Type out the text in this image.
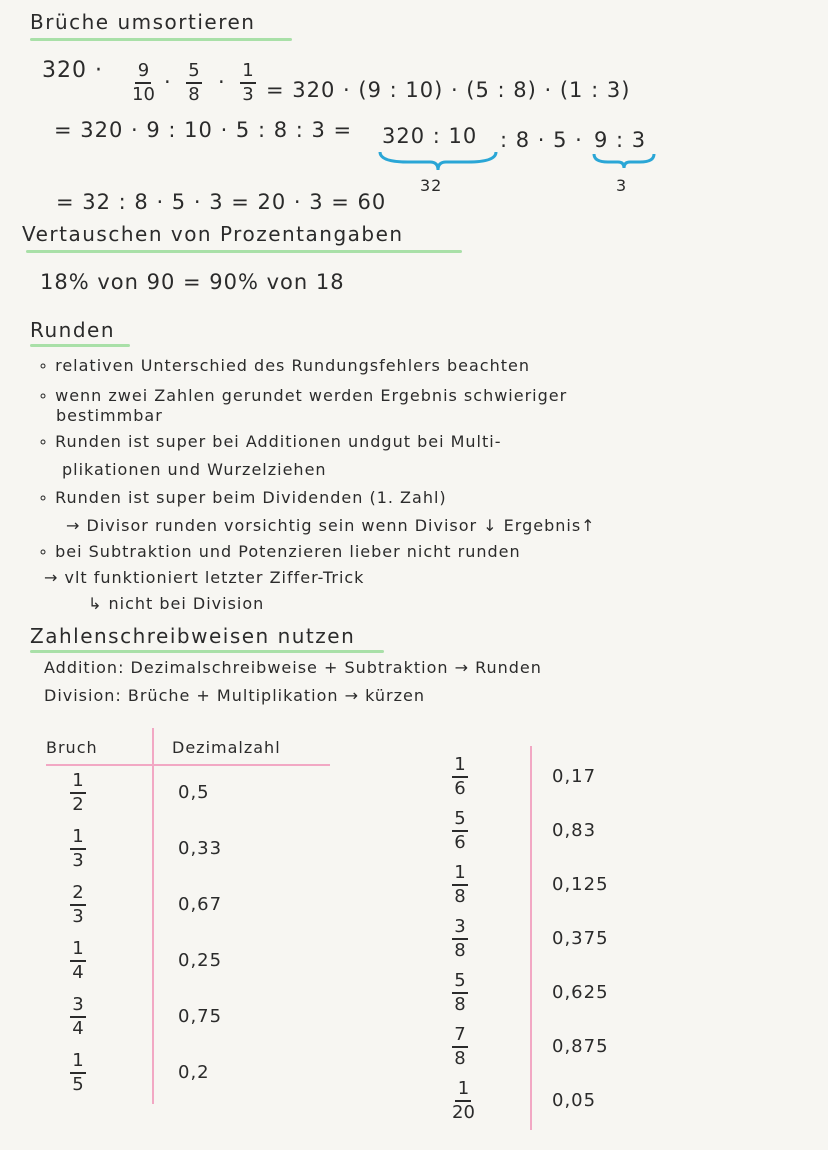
Brüche umsortieren
320 · 9
10
· 5
8
· 1
3 = 320 · (9 : 10) · (5 : 8) · (1 : 3)
= 320 · 9 : 10 · 5 : 8 : 3 = 320 : 10 : 8 · 5 · 9 : 3
32	3
= 32 : 8 · 5 · 3 = 20 · 3 = 60
Vertauschen von Prozentangaben
18% von 90 = 90% von 18
Runden
∘ relativen Unterschied des Rundungsfehlers beachten
∘ wenn zwei Zahlen gerundet werden Ergebnis schwieriger
bestimmbar
∘ Runden ist super bei Additionen undgut bei Multi-
plikationen und Wurzelziehen
∘ Runden ist super beim Dividenden (1. Zahl)
→ Divisor runden vorsichtig sein wenn Divisor ↓ Ergebnis↑
∘ bei Subtraktion und Potenzieren lieber nicht runden
→ vlt funktioniert letzter Ziffer-Trick
↳ nicht bei Division
Zahlenschreibweisen nutzen
Addition: Dezimalschreibweise + Subtraktion → Runden
Division: Brüche + Multiplikation → kürzen
Bruch	Dezimalzahl
1
2
0,5
1
3
0,33
2
3
0,67
1
4
0,25
3
4
0,75
1
5
0,2
1
6
0,17
5
6
0,83
1
8
0,125
3
8
0,375
5
8
0,625
7
8
0,875
1
20
0,05
